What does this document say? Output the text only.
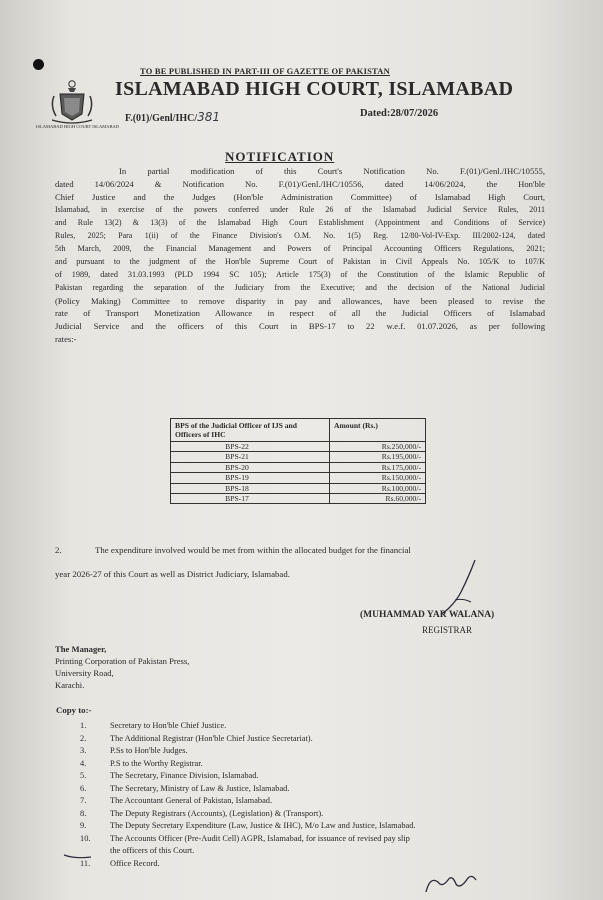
TO BE PUBLISHED IN PART-III OF GAZETTE OF PAKISTAN
ISLAMABAD HIGH COURT ISLAMABAD
ISLAMABAD HIGH COURT, ISLAMABAD
F.(01)/Genl/IHC/381	Dated:28/07/2026
NOTIFICATION
In partial modification of this Court's Notification No. F.(01)/Genl./IHC/10555,
dated 14/06/2024 & Notification No. F.(01)/Genl./IHC/10556, dated 14/06/2024, the Hon'ble
Chief Justice and the Judges (Hon'ble Administration Committee) of Islamabad High Court,
Islamabad, in exercise of the powers conferred under Rule 26 of the Islamabad Judicial Service Rules, 2011
and Rule 13(2) & 13(3) of the Islamabad High Court Establishment (Appointment and Conditions of Service)
Rules, 2025; Para 1(ii) of the Finance Division's O.M. No. 1(5) Reg. 12/80-Vol-IV-Exp. III/2002-124, dated
5th March, 2009, the Financial Management and Powers of Principal Accounting Officers Regulations, 2021;
and pursuant to the judgment of the Hon'ble Supreme Court of Pakistan in Civil Appeals No. 105/K to 107/K
of 1989, dated 31.03.1993 (PLD 1994 SC 105); Article 175(3) of the Constitution of the Islamic Republic of
Pakistan regarding the separation of the Judiciary from the Executive; and the decision of the National Judicial
(Policy Making) Committee to remove disparity in pay and allowances, have been pleased to revise the
rate of Transport Monetization Allowance in respect of all the Judicial Officers of Islamabad
Judicial Service and the officers of this Court in BPS-17 to 22 w.e.f. 01.07.2026, as per following
rates:-
BPS of the Judicial Officer of IJS and Officers of IHC	Amount (Rs.)
BPS-22	Rs.250,000/-
BPS-21	Rs.195,000/-
BPS-20	Rs.175,000/-
BPS-19	Rs.150,000/-
BPS-18	Rs.100,000/-
BPS-17	Rs.60,000/-
2.	The expenditure involved would be met from within the allocated budget for the financial
year 2026-27 of this Court as well as District Judiciary, Islamabad.
(MUHAMMAD YAR WALANA)
REGISTRAR
The Manager,
Printing Corporation of Pakistan Press,
University Road,
Karachi.
Copy to:-
1.	Secretary to Hon'ble Chief Justice.
2.	The Additional Registrar (Hon'ble Chief Justice Secretariat).
3.	P.Ss to Hon'ble Judges.
4.	P.S to the Worthy Registrar.
5.	The Secretary, Finance Division, Islamabad.
6.	The Secretary, Ministry of Law & Justice, Islamabad.
7.	The Accountant General of Pakistan, Islamabad.
8.	The Deputy Registrars (Accounts), (Legislation) & (Transport).
9.	The Deputy Secretary Expenditure (Law, Justice & IHC), M/o Law and Justice, Islamabad.
10.	The Accounts Officer (Pre-Audit Cell) AGPR, Islamabad, for issuance of revised pay slip
the officers of this Court.
11.	Office Record.
